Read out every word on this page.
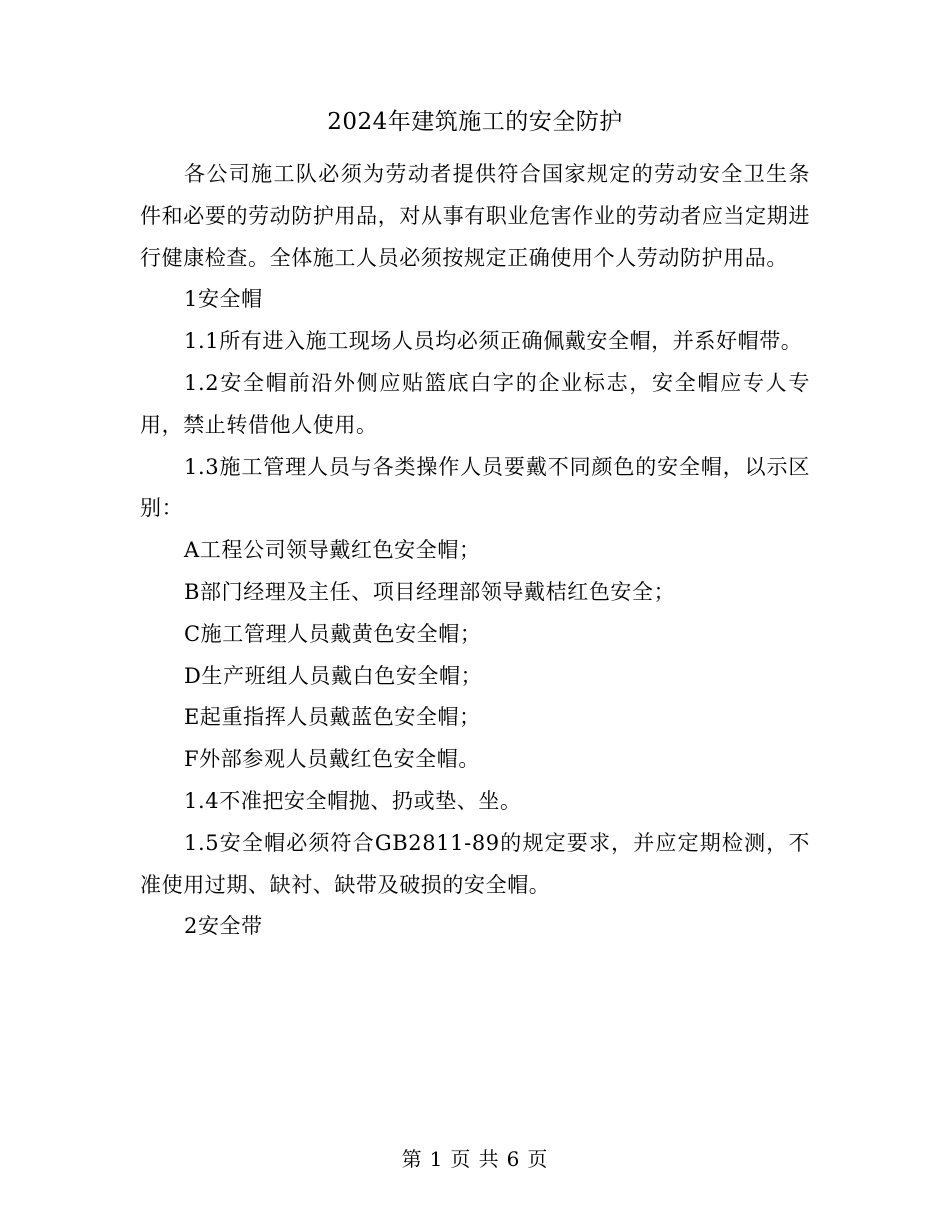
2024年建筑施工的安全防护

各公司施工队必须为劳动者提供符合国家规定的劳动安全卫生条件和必要的劳动防护用品，对从事有职业危害作业的劳动者应当定期进行健康检查。全体施工人员必须按规定正确使用个人劳动防护用品。

1安全帽

1.1所有进入施工现场人员均必须正确佩戴安全帽，并系好帽带。

1.2安全帽前沿外侧应贴篮底白字的企业标志，安全帽应专人专用，禁止转借他人使用。

1.3施工管理人员与各类操作人员要戴不同颜色的安全帽，以示区别：

A工程公司领导戴红色安全帽；

B部门经理及主任、项目经理部领导戴桔红色安全；

C施工管理人员戴黄色安全帽；

D生产班组人员戴白色安全帽；

E起重指挥人员戴蓝色安全帽；

F外部参观人员戴红色安全帽。

1.4不准把安全帽抛、扔或垫、坐。

1.5安全帽必须符合GB2811-89的规定要求，并应定期检测，不准使用过期、缺衬、缺带及破损的安全帽。

2安全带

第 1 页 共 6 页
